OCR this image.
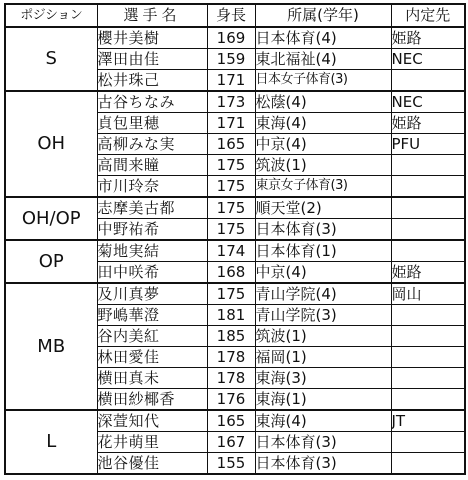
ポジション	選手名	身長	所属(学年)	内定先
S	櫻井美樹	169	日本体育(4)	姫路
	澤田由佳	159	東北福祉(4)	NEC
	松井珠己	171	日本女子体育(3)	
OH	古谷ちなみ	173	松蔭(4)	NEC
	貞包里穂	171	東海(4)	姫路
	高柳みな実	165	中京(4)	PFU
	高間来瞳	175	筑波(1)	
	市川玲奈	175	東京女子体育(3)	
OH/OP	志摩美古都	175	順天堂(2)	
	中野祐希	175	日本体育(3)	
OP	菊地実結	174	日本体育(1)	
	田中咲希	168	中京(4)	姫路
MB	及川真夢	175	青山学院(4)	岡山
	野嶋華澄	181	青山学院(3)	
	谷内美紅	185	筑波(1)	
	林田愛佳	178	福岡(1)	
	横田真未	178	東海(3)	
	横田紗椰香	176	東海(1)	
L	深萱知代	165	東海(4)	JT
	花井萌里	167	日本体育(3)	
	池谷優佳	155	日本体育(3)	
